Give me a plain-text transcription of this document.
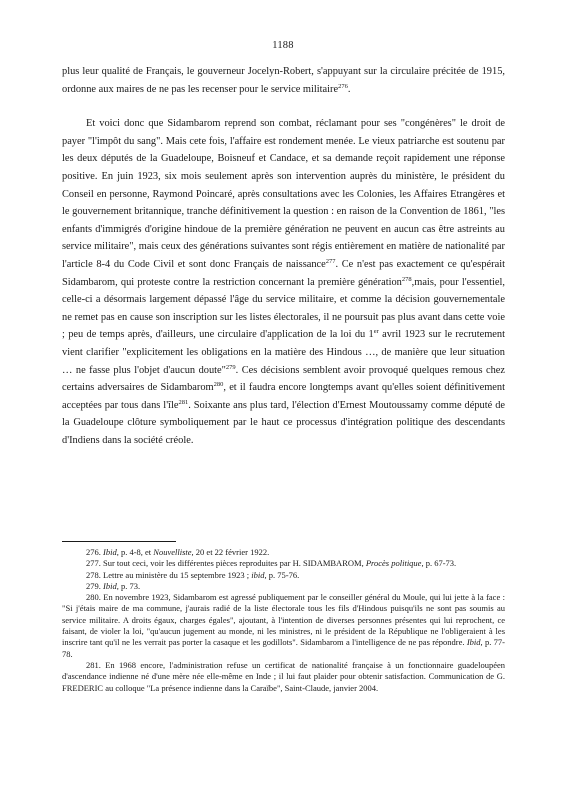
1188

plus leur qualité de Français, le gouverneur Jocelyn-Robert, s'appuyant sur la circulaire précitée de 1915, ordonne aux maires de ne pas les recenser pour le service militaire$^{276}$.

Et voici donc que Sidambarom reprend son combat, réclamant pour ses "congénères" le droit de payer "l'impôt du sang". Mais cete fois, l'affaire est rondement menée. Le vieux patriarche est soutenu par les deux députés de la Guadeloupe, Boisneuf et Candace, et sa demande reçoit rapidement une réponse positive. En juin 1923, six mois seulement après son intervention auprès du ministère, le président du Conseil en personne, Raymond Poincaré, après consultations avec les Colonies, les Affaires Etrangères et le gouvernement britannique, tranche définitivement la question : en raison de la Convention de 1861, "les enfants d'immigrés d'origine hindoue de la première génération ne peuvent en aucun cas être astreints au service militaire", mais ceux des générations suivantes sont régis entièrement en matière de nationalité par l'article 8-4 du Code Civil et sont donc Français de naissance$^{277}$. Ce n'est pas exactement ce qu'espérait Sidambarom, qui proteste contre la restriction concernant la première génération$^{278}$,mais, pour l'essentiel, celle-ci a désormais largement dépassé l'âge du service militaire, et comme la décision gouvernementale ne remet pas en cause son inscription sur les listes électorales, il ne poursuit pas plus avant dans cette voie ; peu de temps après, d'ailleurs, une circulaire d'application de la loi du 1er avril 1923 sur le recrutement vient clarifier "explicitement les obligations en la matière des Hindous …, de manière que leur situation … ne fasse plus l'objet d'aucun doute"$^{279}$. Ces décisions semblent avoir provoqué quelques remous chez certains adversaires de Sidambarom$^{280}$, et il faudra encore longtemps avant qu'elles soient définitivement acceptées par tous dans l'île$^{281}$. Soixante ans plus tard, l'élection d'Ernest Moutoussamy comme député de la Guadeloupe clôture symboliquement par le haut ce processus d'intégration politique des descendants d'Indiens dans la société créole.

276. Ibid, p. 4-8, et Nouvelliste, 20 et 22 février 1922.

277. Sur tout ceci, voir les différentes pièces reproduites par H. SIDAMBAROM, Procès politique, p. 67-73.

278. Lettre au ministère du 15 septembre 1923 ; ibid, p. 75-76.

279. Ibid, p. 73.

280. En novembre 1923, Sidambarom est agressé publiquement par le conseiller général du Moule, qui lui jette à la face : "Si j'étais maire de ma commune, j'aurais radié de la liste électorale tous les fils d'Hindous puisqu'ils ne sont pas soumis au service militaire. A droits égaux, charges égales", ajoutant, à l'intention de diverses personnes présentes qui lui reprochent, ce faisant, de violer la loi, "qu'aucun jugement au monde, ni les ministres, ni le président de la République ne l'obligeraient à les inscrire tant qu'il ne les verrait pas porter la casaque et les godillots". Sidambarom a l'intelligence de ne pas répondre. Ibid, p. 77-78.

281. En 1968 encore, l'administration refuse un certificat de nationalité française à un fonctionnaire guadeloupéen d'ascendance indienne né d'une mère née elle-même en Inde ; il lui faut plaider pour obtenir satisfaction. Communication de G. FREDERIC au colloque "La présence indienne dans la Caraïbe", Saint-Claude, janvier 2004.
